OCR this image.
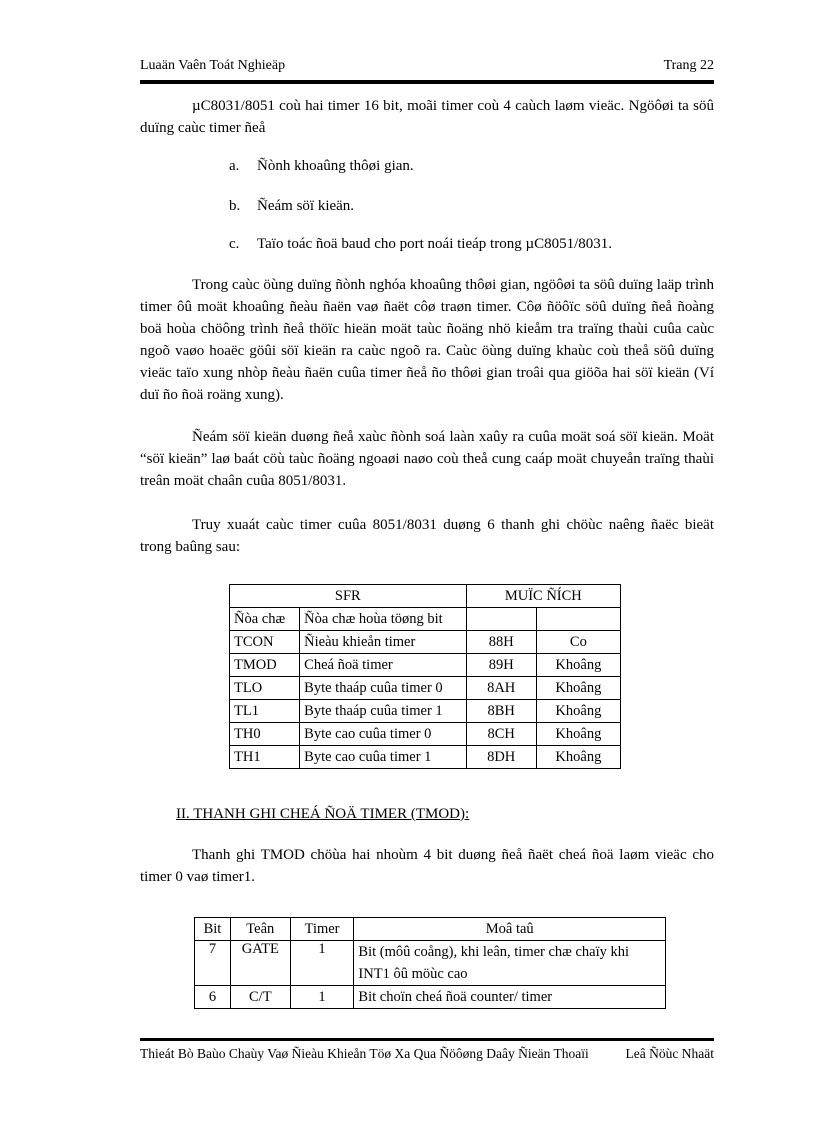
Luaän Vaên Toát Nghieäp	Trang 22
µC8031/8051 coù hai timer 16 bit, moãi timer coù 4 caùch laøm vieäc. Ngöôøi ta söû duïng caùc timer ñeå
a. Ñònh khoaûng thôøi gian.
b. Ñeám söï kieän.
c. Taïo toác ñoä baud cho port noái tieáp trong µC8051/8031.
Trong caùc öùng duïng ñònh nghóa khoaûng thôøi gian, ngöôøi ta söû duïng laäp trình timer ôû moät khoaûng ñeàu ñaën vaø ñaët côø traøn timer. Côø ñöôïc söû duïng ñeå ñoàng boä hoùa chöông trình ñeå thöïc hieän moät taùc ñoäng nhö kieåm tra traïng thaùi cuûa caùc ngoõ vaøo hoaëc göûi söï kieän ra caùc ngoõ ra. Caùc öùng duïng khaùc coù theå söû duïng vieäc taïo xung nhòp ñeàu ñaën cuûa timer ñeå ño thôøi gian troâi qua giöõa hai söï kieän (Ví duï ño ñoä roäng xung).
Ñeám söï kieän duøng ñeå xaùc ñònh soá laàn xaûy ra cuûa moät soá söï kieän. Moät “söï kieän” laø baát cöù taùc ñoäng ngoaøi naøo coù theå cung caáp moät chuyeån traïng thaùi treân moät chaân cuûa 8051/8031.
Truy xuaát caùc timer cuûa 8051/8031 duøng 6 thanh ghi chöùc naêng ñaëc bieät trong baûng sau:
SFR		MUÏC ÑÍCH	
Ñòa chæ	Ñòa chæ hoùa töøng bit		
TCON	Ñieàu khieån timer	88H	Co
TMOD	Cheá ñoä timer	89H	Khoâng
TLO	Byte thaáp cuûa timer 0	8AH	Khoâng
TL1	Byte thaáp cuûa timer 1	8BH	Khoâng
TH0	Byte cao cuûa timer 0	8CH	Khoâng
TH1	Byte cao cuûa timer 1	8DH	Khoâng
II. THANH GHI CHEÁ ÑOÄ TIMER (TMOD):
Thanh ghi TMOD chöùa hai nhoùm 4 bit duøng ñeå ñaët cheá ñoä laøm vieäc cho timer 0 vaø timer1.
Bit	Teân	Timer	Moâ taû
7	GATE	1	Bit (môû coång), khi leân, timer chæ chaïy khi
INT1 ôû möùc cao

6	C/T	1	Bit choïn cheá ñoä counter/ timer
Thieát Bò Baùo Chaùy Vaø Ñieàu Khieån Töø Xa Qua Ñöôøng Daây Ñieän Thoaïi	Leâ Ñöùc Nhaät
